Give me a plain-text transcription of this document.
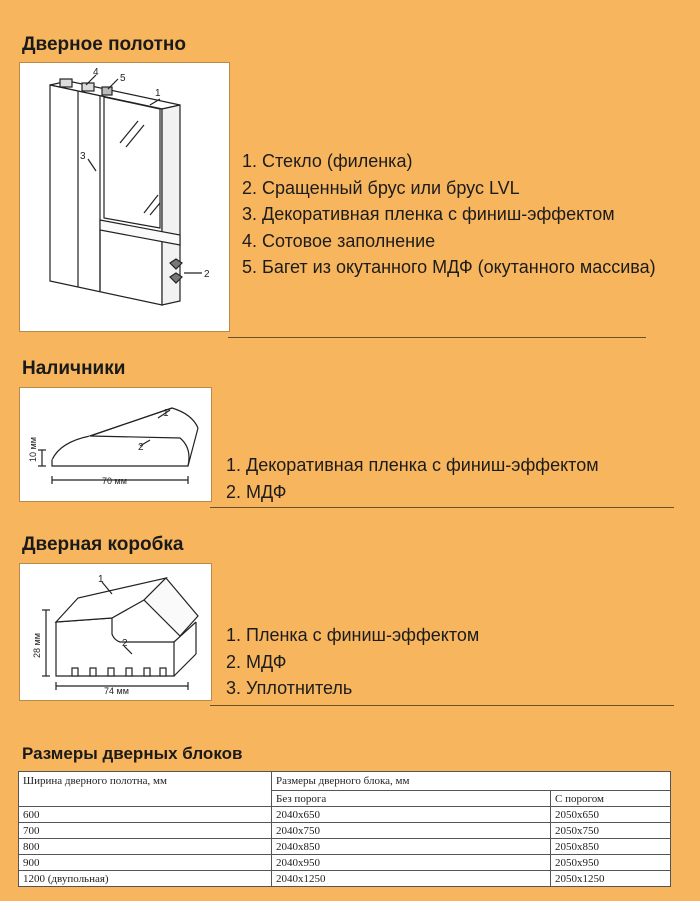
Дверное полотно
4
5
1
3
2
1. Стекло (филенка)
2. Сращенный брус или брус LVL
3. Декоративная пленка с финиш-эффектом
4. Сотовое заполнение
5. Багет из окутанного МДФ (окутанного массива)
Наличники
1
2
10 мм
70 мм
1. Декоративная пленка с финиш-эффектом
2. МДФ
Дверная коробка
1
2
28 мм
74 мм
1. Пленка с финиш-эффектом
2. МДФ
3. Уплотнитель
Размеры дверных блоков
Ширина дверного полотна, мм	Размеры дверного блока, мм	
	Без порога	С порогом
600	2040x650	2050x650
700	2040x750	2050x750
800	2040x850	2050x850
900	2040x950	2050x950
1200 (двупольная)	2040x1250	2050x1250
